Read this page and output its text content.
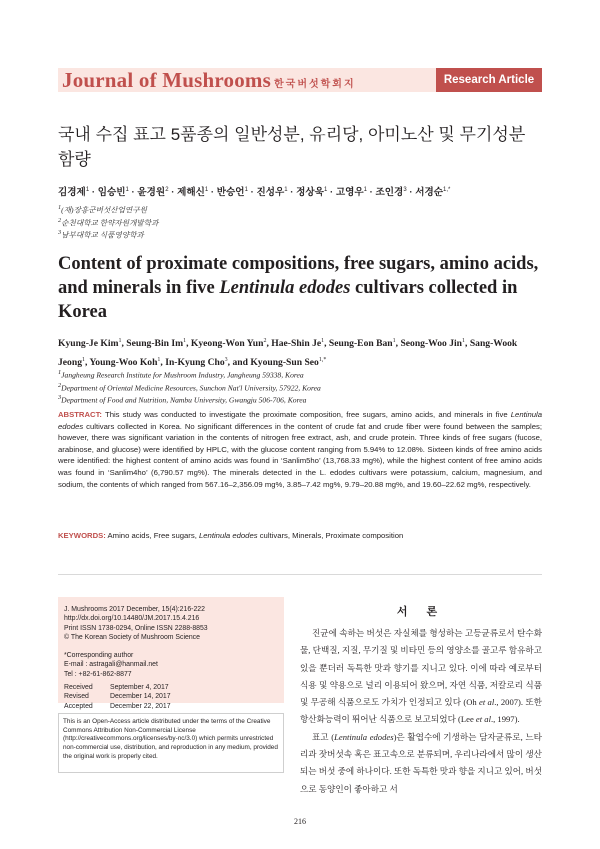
Journal of Mushrooms 한국버섯학회지	Research Article
국내 수집 표고 5품종의 일반성분, 유리당, 아미노산 및 무기성분 함량
김경제$^1$ · 임승빈$^1$ · 윤경원$^2$ · 제해신$^1$ · 반승언$^1$ · 진성우$^1$ · 정상욱$^1$ · 고영우$^1$ · 조인경$^3$ · 서경순$^{1,*}$
$^1$(재)장흥군버섯산업연구원
$^2$순천대학교 한약자원개발학과
$^3$남부대학교 식품영양학과
Content of proximate compositions, free sugars, amino acids, and minerals in five Lentinula edodes cultivars collected in Korea
Kyung-Je Kim$^1$, Seung-Bin Im$^1$, Kyeong-Won Yun$^2$, Hae-Shin Je$^1$, Seung-Eon Ban$^1$, Seong-Woo Jin$^1$, Sang-Wook Jeong$^1$, Young-Woo Koh$^1$, In-Kyung Cho$^3$, and Kyoung-Sun Seo$^{1,*}$
$^1$Jangheung Research Institute for Mushroom Industry, Jangheung 59338, Korea
$^2$Department of Oriental Medicine Resources, Sunchon Nat'l University, 57922, Korea
$^3$Department of Food and Nutrition, Nambu University, Gwangju 506-706, Korea
ABSTRACT: This study was conducted to investigate the proximate composition, free sugars, amino acids, and minerals in five Lentinula edodes cultivars collected in Korea. No significant differences in the content of crude fat and crude fiber were found between the samples; however, there was significant variation in the contents of nitrogen free extract, ash, and crude protein. Three kinds of free sugars (fucose, arabinose, and glucose) were identified by HPLC, with the glucose content ranging from 5.94% to 12.08%. Sixteen kinds of free amino acids were identified: the highest content of amino acids was found in ‘Sanlim5ho’ (13,768.33 mg%), while the highest content of free amino acids was found in ‘Sanlim4ho’ (6,790.57 mg%). The minerals detected in the L. edodes cultivars were potassium, calcium, magnesium, and sodium, the contents of which ranged from 567.16–2,356.09 mg%, 3.85–7.42 mg%, 9.79–20.88 mg%, and 19.60–22.62 mg%, respectively.
KEYWORDS: Amino acids, Free sugars, Lentinula edodes cultivars, Minerals, Proximate composition
J. Mushrooms 2017 December, 15(4):216-222
http://dx.doi.org/10.14480/JM.2017.15.4.216
Print ISSN 1738-0294, Online ISSN 2288-8853
© The Korean Society of Mushroom Science
*Corresponding author
E-mail : astragali@hanmail.net
Tel : +82-61-862-8877
Received	September 4, 2017
Revised	December 14, 2017
Accepted	December 22, 2017
This is an Open-Access article distributed under the terms of the Creative Commons Attribution Non-Commercial License (http://creativecommons.org/licenses/by-nc/3.0) which permits unrestricted non-commercial use, distribution, and reproduction in any medium, provided the original work is properly cited.
서 론
진균에 속하는 버섯은 자실체를 형성하는 고등균류로서 탄수화물, 단백질, 지질, 무기질 및 비타민 등의 영양소를 골고루 함유하고 있을 뿐더러 독특한 맛과 향기를 지니고 있다. 이에 따라 예로부터 식용 및 약용으로 널리 이용되어 왔으며, 자연 식품, 저칼로리 식품 및 무공해 식품으로도 가치가 인정되고 있다 (Oh et al., 2007). 또한 항산화능력이 뛰어난 식품으로 보고되었다 (Lee et al., 1997).
표고 (Lentinula edodes)은 활엽수에 기생하는 담자균류로, 느타리과 잣버섯속 혹은 표고속으로 분류되며, 우리나라에서 많이 생산되는 버섯 중에 하나이다. 또한 독특한 맛과 향을 지니고 있어, 버섯으로 동양인이 좋아하고 서
216
